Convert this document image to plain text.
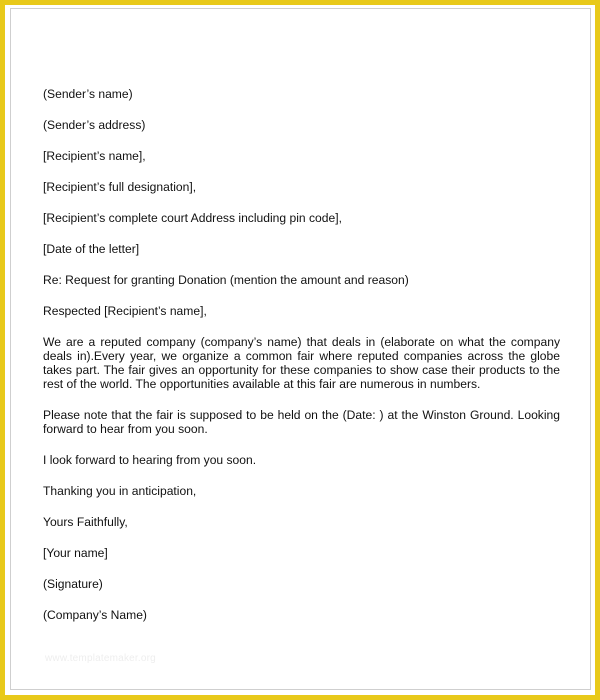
(Sender’s name)
(Sender’s address)
[Recipient’s name],
[Recipient’s full designation],
[Recipient’s complete court Address including pin code],
[Date of the letter]
Re: Request for granting Donation (mention the amount and reason)
Respected [Recipient’s name],
We are a reputed company (company’s name) that deals in (elaborate on what the company deals in).Every year, we organize a common fair where reputed companies across the globe takes part. The fair gives an opportunity for these companies to show case their products to the rest of the world. The opportunities available at this fair are numerous in numbers.
Please note that the fair is supposed to be held on the (Date: ) at the Winston Ground. Looking forward to hear from you soon.
I look forward to hearing from you soon.
Thanking you in anticipation,
Yours Faithfully,
[Your name]
(Signature)
(Company’s Name)
www.templatemaker.org
